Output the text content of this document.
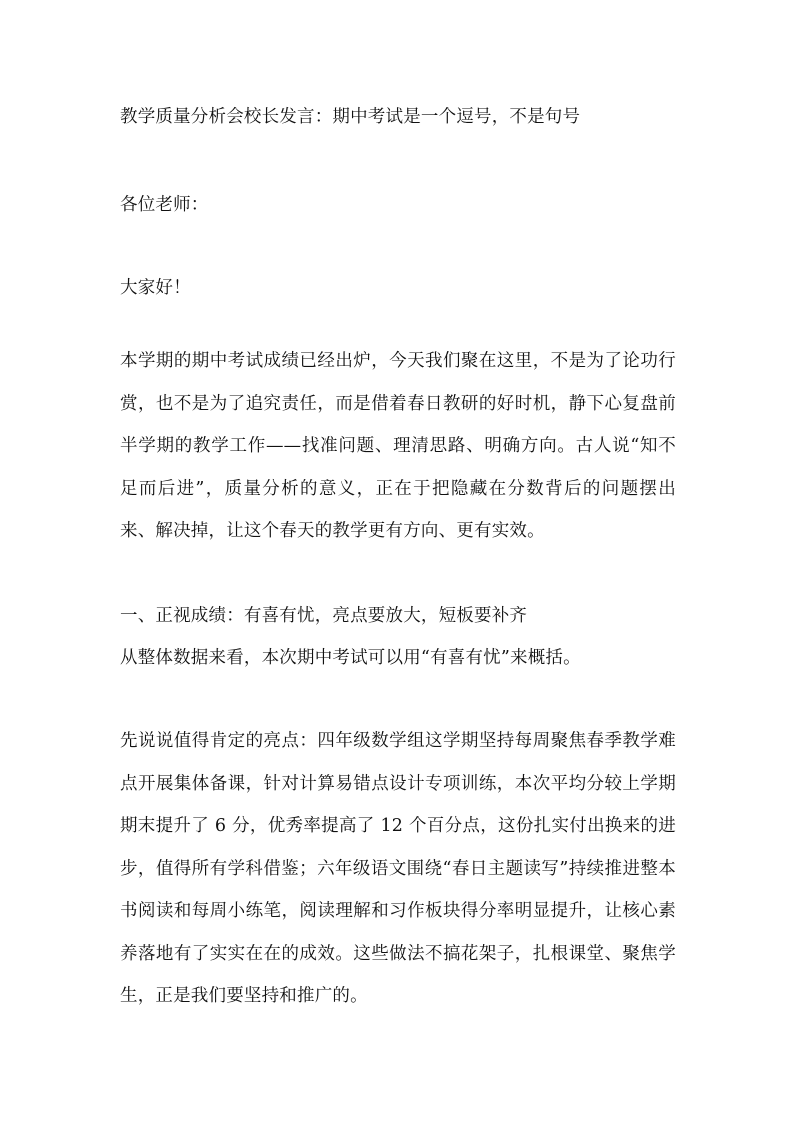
教学质量分析会校长发言：期中考试是一个逗号，不是句号
各位老师：
大家好！
本学期的期中考试成绩已经出炉，今天我们聚在这里，不是为了论功行赏，也不是为了追究责任，而是借着春日教研的好时机，静下心复盘前半学期的教学工作——找准问题、理清思路、明确方向。古人说“知不足而后进”，质量分析的意义，正在于把隐藏在分数背后的问题摆出来、解决掉，让这个春天的教学更有方向、更有实效。
一、正视成绩：有喜有忧，亮点要放大，短板要补齐
从整体数据来看，本次期中考试可以用“有喜有忧”来概括。
先说说值得肯定的亮点：四年级数学组这学期坚持每周聚焦春季教学难点开展集体备课，针对计算易错点设计专项训练，本次平均分较上学期期末提升了 6 分，优秀率提高了 12 个百分点，这份扎实付出换来的进步，值得所有学科借鉴；六年级语文围绕“春日主题读写”持续推进整本书阅读和每周小练笔，阅读理解和习作板块得分率明显提升，让核心素养落地有了实实在在的成效。这些做法不搞花架子，扎根课堂、聚焦学生，正是我们要坚持和推广的。
